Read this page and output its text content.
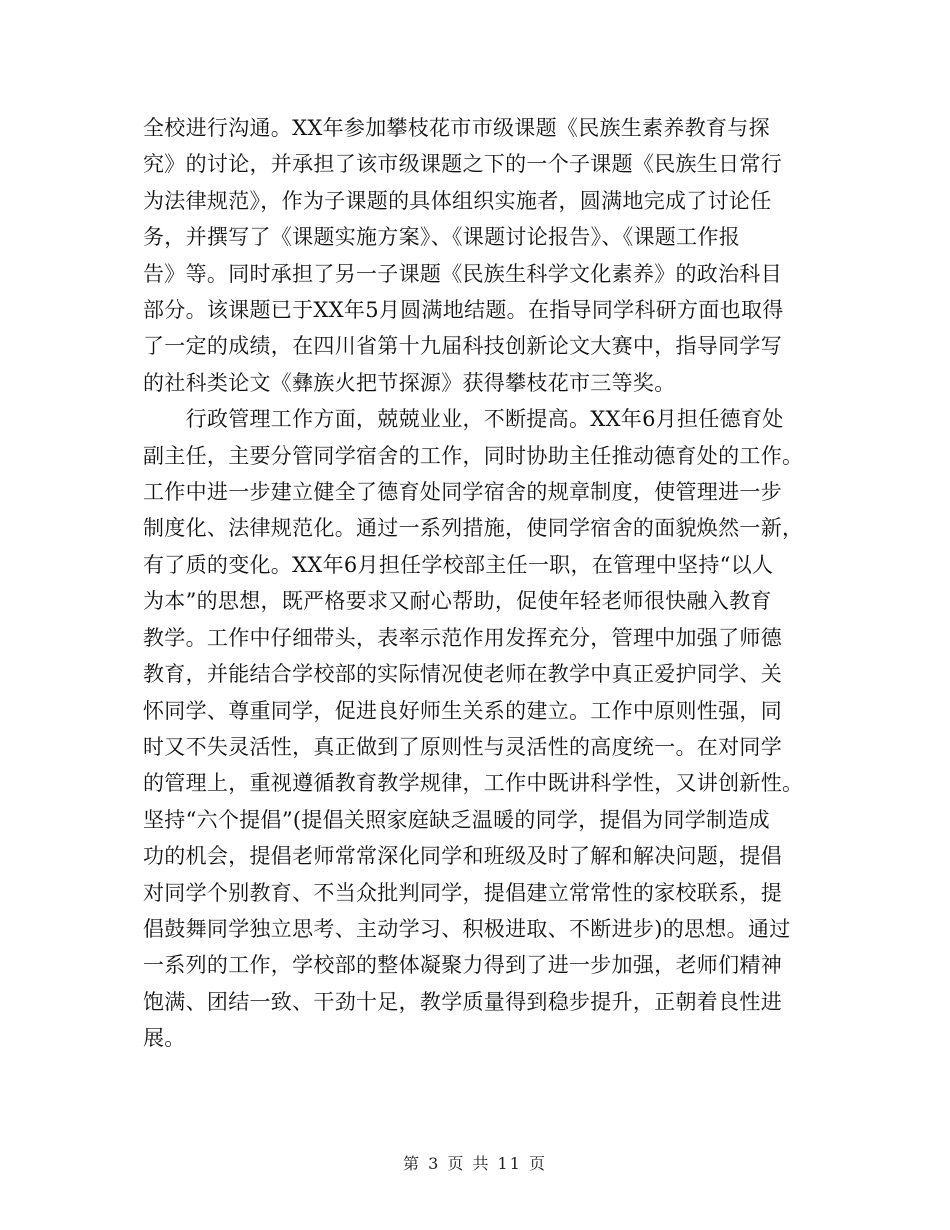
全校进行沟通。XX年参加攀枝花市市级课题《民族生素养教育与探
究》的讨论，并承担了该市级课题之下的一个子课题《民族生日常行
为法律规范》，作为子课题的具体组织实施者，圆满地完成了讨论任
务，并撰写了《课题实施方案》、《课题讨论报告》、《课题工作报
告》等。同时承担了另一子课题《民族生科学文化素养》的政治科目
部分。该课题已于XX年5月圆满地结题。在指导同学科研方面也取得
了一定的成绩，在四川省第十九届科技创新论文大赛中，指导同学写
的社科类论文《彝族火把节探源》获得攀枝花市三等奖。
　　行政管理工作方面，兢兢业业，不断提高。XX年6月担任德育处
副主任，主要分管同学宿舍的工作，同时协助主任推动德育处的工作。
工作中进一步建立健全了德育处同学宿舍的规章制度，使管理进一步
制度化、法律规范化。通过一系列措施，使同学宿舍的面貌焕然一新，
有了质的变化。XX年6月担任学校部主任一职，在管理中坚持“以人
为本”的思想，既严格要求又耐心帮助，促使年轻老师很快融入教育
教学。工作中仔细带头，表率示范作用发挥充分，管理中加强了师德
教育，并能结合学校部的实际情况使老师在教学中真正爱护同学、关
怀同学、尊重同学，促进良好师生关系的建立。工作中原则性强，同
时又不失灵活性，真正做到了原则性与灵活性的高度统一。在对同学
的管理上，重视遵循教育教学规律，工作中既讲科学性，又讲创新性。
坚持“六个提倡”(提倡关照家庭缺乏温暖的同学，提倡为同学制造成
功的机会，提倡老师常常深化同学和班级及时了解和解决问题，提倡
对同学个别教育、不当众批判同学，提倡建立常常性的家校联系，提
倡鼓舞同学独立思考、主动学习、积极进取、不断进步)的思想。通过
一系列的工作，学校部的整体凝聚力得到了进一步加强，老师们精神
饱满、团结一致、干劲十足，教学质量得到稳步提升，正朝着良性进
展。
第 3 页 共 11 页
